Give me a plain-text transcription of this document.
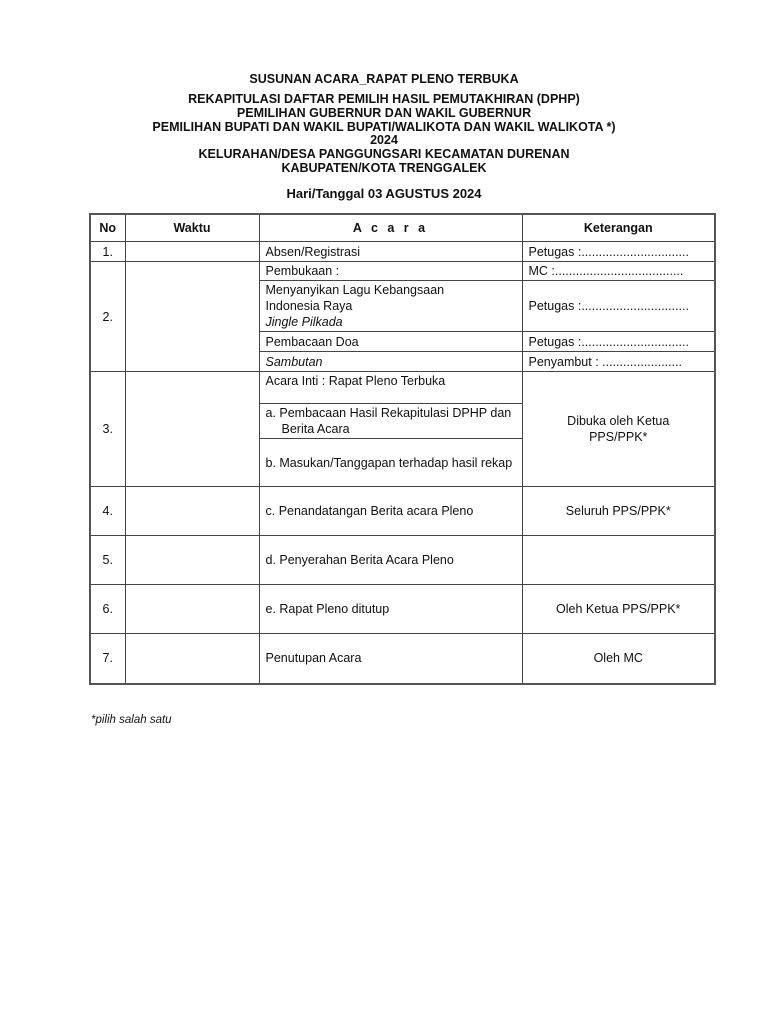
SUSUNAN ACARA_RAPAT PLENO TERBUKA
REKAPITULASI DAFTAR PEMILIH HASIL PEMUTAKHIRAN (DPHP)
PEMILIHAN GUBERNUR DAN WAKIL GUBERNUR
PEMILIHAN BUPATI DAN WAKIL BUPATI/WALIKOTA DAN WAKIL WALIKOTA *)
2024
KELURAHAN/DESA PANGGUNGSARI KECAMATAN DURENAN
KABUPATEN/KOTA TRENGGALEK
Hari/Tanggal 03 AGUSTUS 2024
No	Waktu	A c a r a	Keterangan
1.		Absen/Registrasi	Petugas :...............................
2.		Pembukaan :	MC :.....................................

		Menyanyikan Lagu Kebangsaan
Indonesia Raya
Jingle Pilkada	Petugas :...............................
		Pembacaan Doa	Petugas :...............................
		Sambutan	Penyambut : .......................
3.		Acara Inti : Rapat Pleno Terbuka	Dibuka oleh Ketua PPS/PPK*

		a. Pembacaan Hasil Rekapitulasi DPHP dan Berita Acara	
		b. Masukan/Tanggapan terhadap hasil rekap	
4.		c. Penandatangan Berita acara Pleno	Seluruh PPS/PPK*
5.		d. Penyerahan Berita Acara Pleno	
6.		e. Rapat Pleno ditutup	Oleh Ketua PPS/PPK*
7.		Penutupan Acara	Oleh MC
*pilih salah satu
